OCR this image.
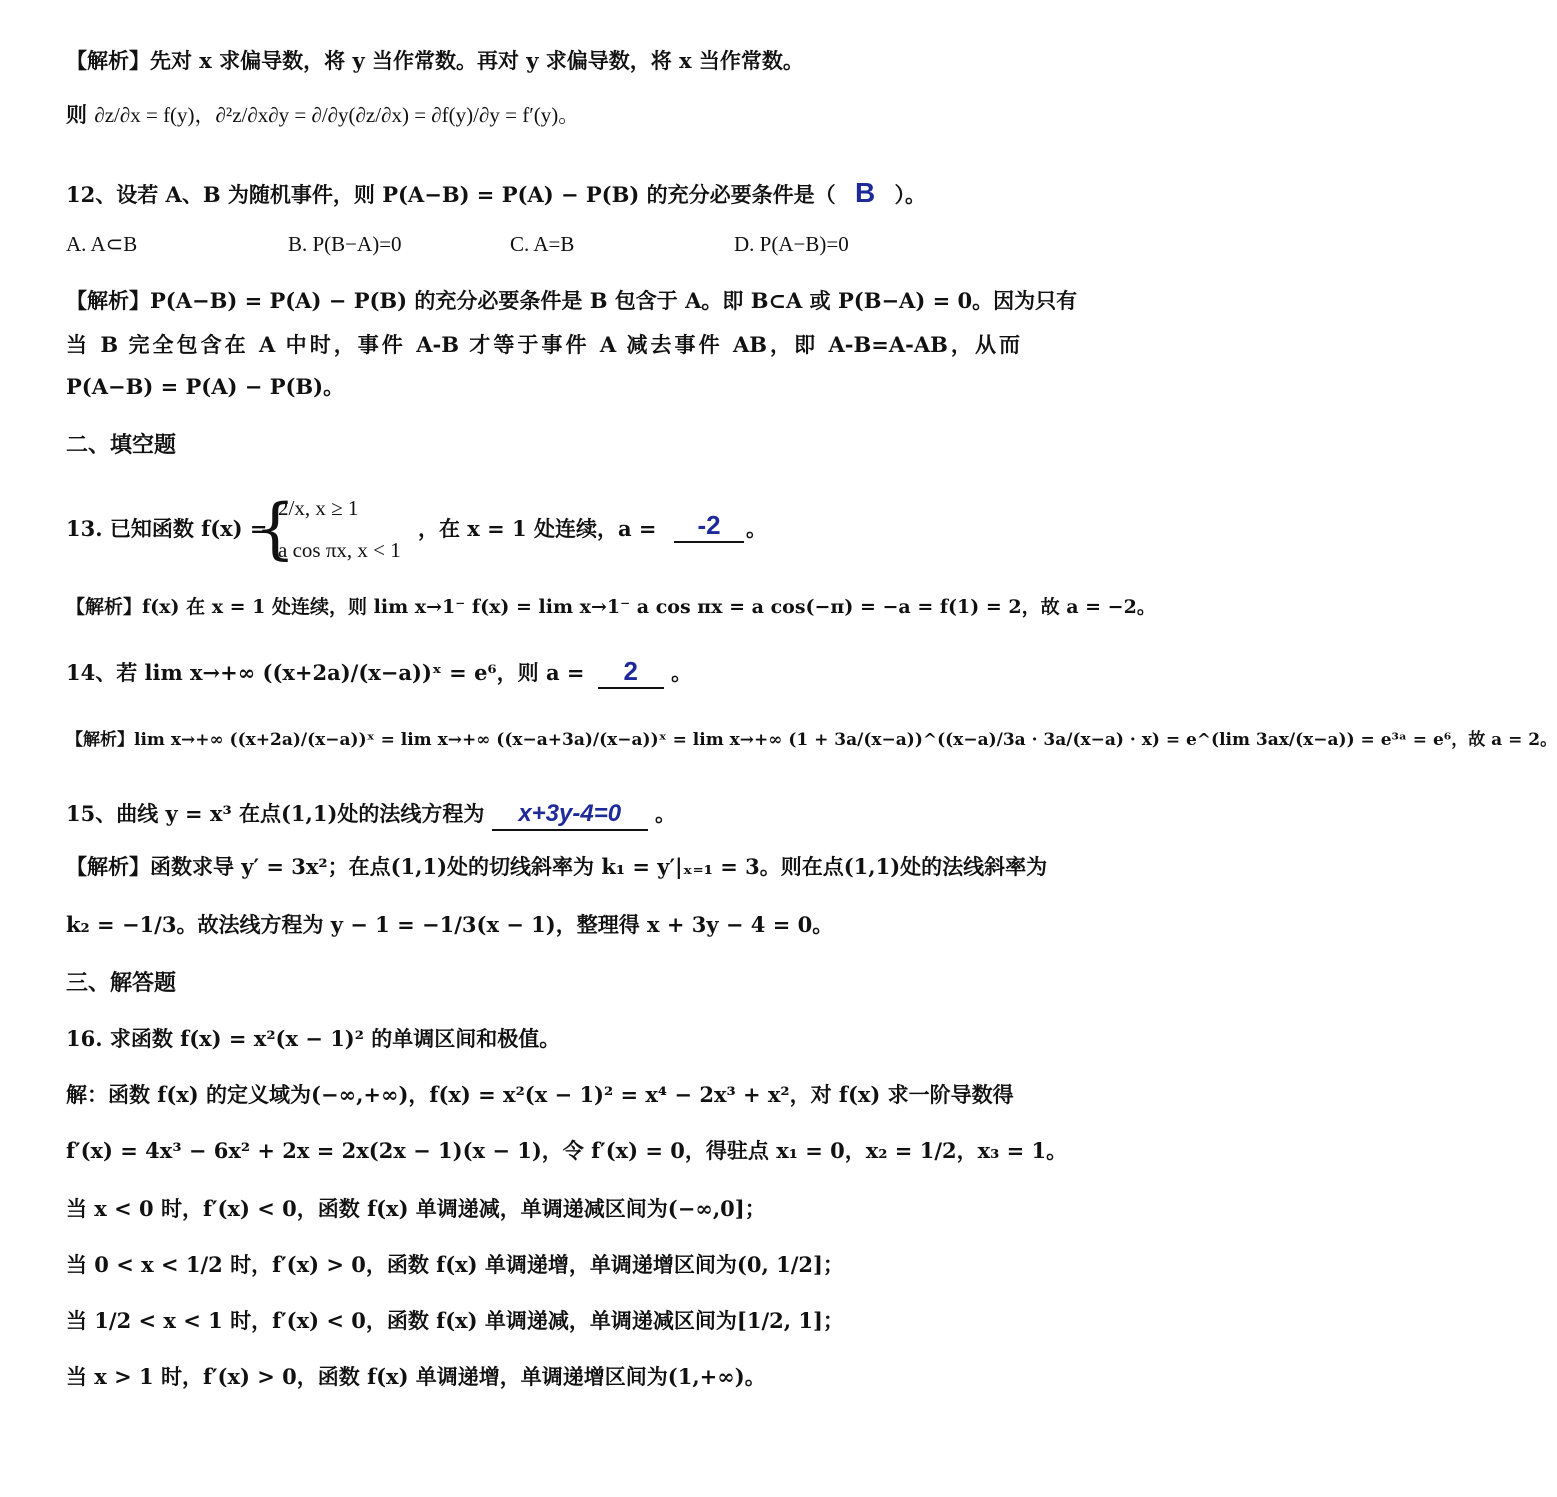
【解析】先对 x 求偏导数，将 y 当作常数。再对 y 求偏导数，将 x 当作常数。
则 ∂z/∂x = f(y)，∂²z/∂x∂y = ∂/∂y(∂z/∂x) = ∂f(y)/∂y = f′(y)。
12、设若 A、B 为随机事件，则 P(A−B) = P(A) − P(B) 的充分必要条件是（ B ）。
A. A⊂B	B. P(B−A)=0	C. A=B	D. P(A−B)=0
【解析】P(A−B) = P(A) − P(B) 的充分必要条件是 B 包含于 A。即 B⊂A 或 P(B−A) = 0。因为只有
当 B 完全包含在 A 中时，事件 A-B 才等于事件 A 减去事件 AB，即 A-B=A-AB，从而
P(A−B) = P(A) − P(B)。
二、填空题
13. 已知函数 f(x) =
{
2/x, x ≥ 1
a cos πx, x < 1
，在 x = 1 处连续，a =	-2	。
【解析】f(x) 在 x = 1 处连续，则 lim x→1⁻ f(x) = lim x→1⁻ a cos πx = a cos(−π) = −a = f(1) = 2，故 a = −2。
14、若 lim x→+∞ ((x+2a)/(x−a))ˣ = e⁶，则 a = 2 。
【解析】lim x→+∞ ((x+2a)/(x−a))ˣ = lim x→+∞ ((x−a+3a)/(x−a))ˣ = lim x→+∞ (1 + 3a/(x−a))^((x−a)/3a · 3a/(x−a) · x) = e^(lim 3ax/(x−a)) = e³ᵃ = e⁶，故 a = 2。
15、曲线 y = x³ 在点(1,1)处的法线方程为 x+3y-4=0 。
【解析】函数求导 y′ = 3x²；在点(1,1)处的切线斜率为 k₁ = y′|ₓ₌₁ = 3。则在点(1,1)处的法线斜率为
k₂ = −1/3。故法线方程为 y − 1 = −1/3(x − 1)，整理得 x + 3y − 4 = 0。
三、解答题
16. 求函数 f(x) = x²(x − 1)² 的单调区间和极值。
解：函数 f(x) 的定义域为(−∞,+∞)，f(x) = x²(x − 1)² = x⁴ − 2x³ + x²，对 f(x) 求一阶导数得
f′(x) = 4x³ − 6x² + 2x = 2x(2x − 1)(x − 1)，令 f′(x) = 0，得驻点 x₁ = 0，x₂ = 1/2，x₃ = 1。
当 x < 0 时，f′(x) < 0，函数 f(x) 单调递减，单调递减区间为(−∞,0]；
当 0 < x < 1/2 时，f′(x) > 0，函数 f(x) 单调递增，单调递增区间为(0, 1/2]；
当 1/2 < x < 1 时，f′(x) < 0，函数 f(x) 单调递减，单调递减区间为[1/2, 1]；
当 x > 1 时，f′(x) > 0，函数 f(x) 单调递增，单调递增区间为(1,+∞)。
